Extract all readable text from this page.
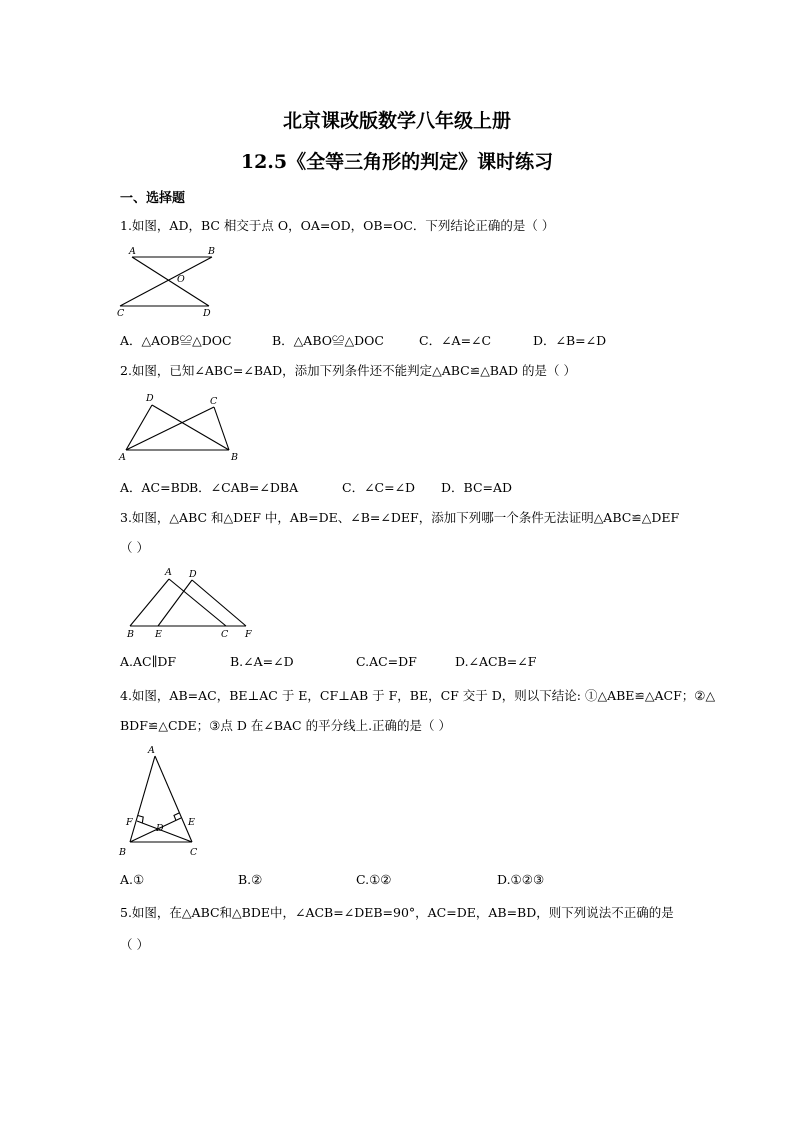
北京课改版数学八年级上册
12.5《全等三角形的判定》课时练习
一、选择题
1.如图，AD，BC 相交于点 O，OA=OD，OB=OC．下列结论正确的是（ ）
A	B
O
C	D
A．△AOB≌△DOC	B．△ABO≌△DOC	C．∠A=∠C	D．∠B=∠D
2.如图，已知∠ABC=∠BAD，添加下列条件还不能判定△ABC≌△BAD 的是（ ）
D	C
A	B
A．AC=BD B．∠CAB=∠DBA	C．∠C=∠D D．BC=AD
3.如图，△ABC 和△DEF 中，AB=DE、∠B=∠DEF，添加下列哪一个条件无法证明△ABC≌△DEF
（ ）
A D
B E	C F
A.AC∥DF	B.∠A=∠D	C.AC=DF	D.∠ACB=∠F
4.如图，AB=AC，BE⊥AC 于 E，CF⊥AB 于 F，BE，CF 交于 D，则以下结论: ①△ABE≌△ACF；②△
BDF≌△CDE；③点 D 在∠BAC 的平分线上.正确的是（ ）
A
F
D
E
B	C
A.①	B.②	C.①②	D.①②③
5.如图，在△ABC和△BDE中，∠ACB=∠DEB=90°，AC=DE，AB=BD，则下列说法不正确的是
（ ）
